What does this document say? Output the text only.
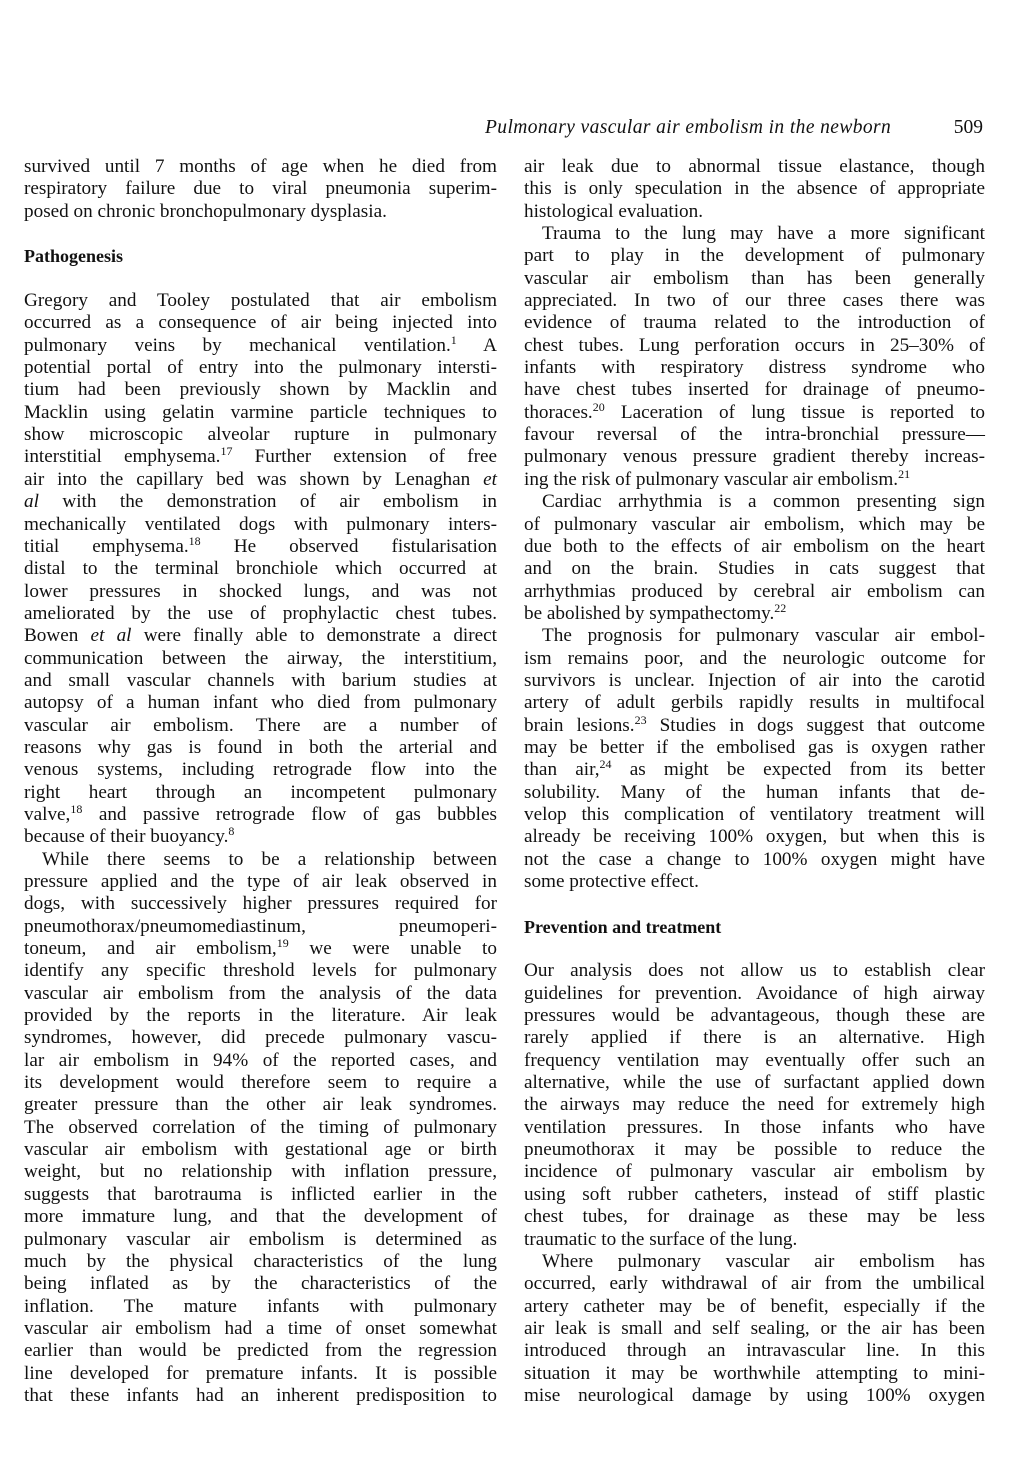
Pulmonary vascular air embolism in the newborn	509
survived until 7 months of age when he died from
respiratory failure due to viral pneumonia superim-
posed on chronic bronchopulmonary dysplasia.
Pathogenesis
Gregory and Tooley postulated that air embolism
occurred as a consequence of air being injected into
pulmonary veins by mechanical ventilation.$^1$ A
potential portal of entry into the pulmonary intersti-
tium had been previously shown by Macklin and
Macklin using gelatin varmine particle techniques to
show microscopic alveolar rupture in pulmonary
interstitial emphysema.$^{17}$ Further extension of free
air into the capillary bed was shown by Lenaghan et
al with the demonstration of air embolism in
mechanically ventilated dogs with pulmonary inters-
titial emphysema.$^{18}$ He observed fistularisation
distal to the terminal bronchiole which occurred at
lower pressures in shocked lungs, and was not
ameliorated by the use of prophylactic chest tubes.
Bowen et al were finally able to demonstrate a direct
communication between the airway, the interstitium,
and small vascular channels with barium studies at
autopsy of a human infant who died from pulmonary
vascular air embolism. There are a number of
reasons why gas is found in both the arterial and
venous systems, including retrograde flow into the
right heart through an incompetent pulmonary
valve,$^{18}$ and passive retrograde flow of gas bubbles
because of their buoyancy.$^8$
While there seems to be a relationship between
pressure applied and the type of air leak observed in
dogs, with successively higher pressures required for
pneumothorax/pneumomediastinum, pneumoperi-
toneum, and air embolism,$^{19}$ we were unable to
identify any specific threshold levels for pulmonary
vascular air embolism from the analysis of the data
provided by the reports in the literature. Air leak
syndromes, however, did precede pulmonary vascu-
lar air embolism in 94% of the reported cases, and
its development would therefore seem to require a
greater pressure than the other air leak syndromes.
The observed correlation of the timing of pulmonary
vascular air embolism with gestational age or birth
weight, but no relationship with inflation pressure,
suggests that barotrauma is inflicted earlier in the
more immature lung, and that the development of
pulmonary vascular air embolism is determined as
much by the physical characteristics of the lung
being inflated as by the characteristics of the
inflation. The mature infants with pulmonary
vascular air embolism had a time of onset somewhat
earlier than would be predicted from the regression
line developed for premature infants. It is possible
that these infants had an inherent predisposition to
air leak due to abnormal tissue elastance, though
this is only speculation in the absence of appropriate
histological evaluation.
Trauma to the lung may have a more significant
part to play in the development of pulmonary
vascular air embolism than has been generally
appreciated. In two of our three cases there was
evidence of trauma related to the introduction of
chest tubes. Lung perforation occurs in 25–30% of
infants with respiratory distress syndrome who
have chest tubes inserted for drainage of pneumo-
thoraces.$^{20}$ Laceration of lung tissue is reported to
favour reversal of the intra-bronchial pressure—
pulmonary venous pressure gradient thereby increas-
ing the risk of pulmonary vascular air embolism.$^{21}$
Cardiac arrhythmia is a common presenting sign
of pulmonary vascular air embolism, which may be
due both to the effects of air embolism on the heart
and on the brain. Studies in cats suggest that
arrhythmias produced by cerebral air embolism can
be abolished by sympathectomy.$^{22}$
The prognosis for pulmonary vascular air embol-
ism remains poor, and the neurologic outcome for
survivors is unclear. Injection of air into the carotid
artery of adult gerbils rapidly results in multifocal
brain lesions.$^{23}$ Studies in dogs suggest that outcome
may be better if the embolised gas is oxygen rather
than air,$^{24}$ as might be expected from its better
solubility. Many of the human infants that de-
velop this complication of ventilatory treatment will
already be receiving 100% oxygen, but when this is
not the case a change to 100% oxygen might have
some protective effect.
Prevention and treatment
Our analysis does not allow us to establish clear
guidelines for prevention. Avoidance of high airway
pressures would be advantageous, though these are
rarely applied if there is an alternative. High
frequency ventilation may eventually offer such an
alternative, while the use of surfactant applied down
the airways may reduce the need for extremely high
ventilation pressures. In those infants who have
pneumothorax it may be possible to reduce the
incidence of pulmonary vascular air embolism by
using soft rubber catheters, instead of stiff plastic
chest tubes, for drainage as these may be less
traumatic to the surface of the lung.
Where pulmonary vascular air embolism has
occurred, early withdrawal of air from the umbilical
artery catheter may be of benefit, especially if the
air leak is small and self sealing, or the air has been
introduced through an intravascular line. In this
situation it may be worthwhile attempting to mini-
mise neurological damage by using 100% oxygen
